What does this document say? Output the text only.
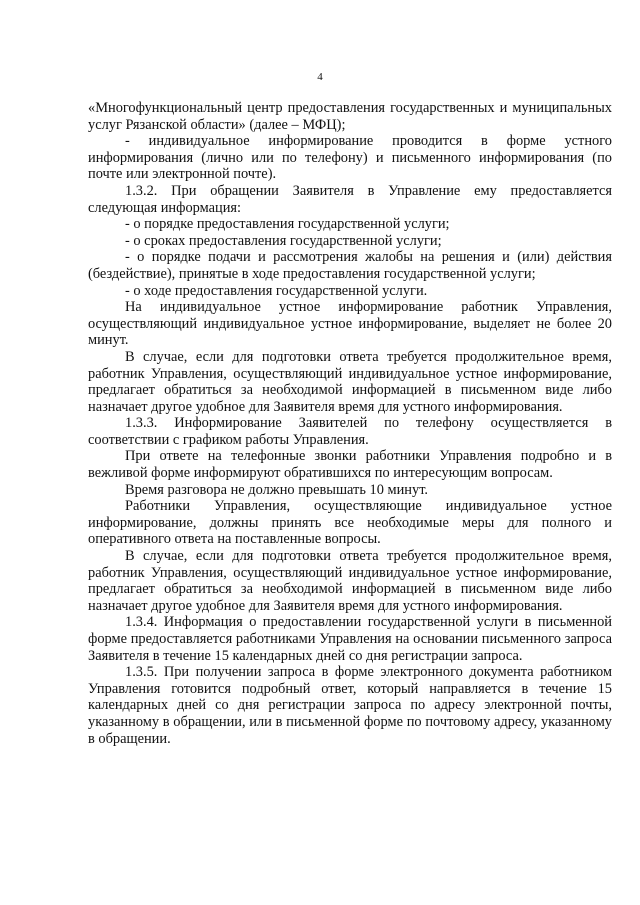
4

«Многофункциональный центр предоставления государственных и муниципальных услуг Рязанской области» (далее – МФЦ);

- индивидуальное информирование проводится в форме устного информирования (лично или по телефону) и письменного информирования (по почте или электронной почте).

1.3.2. При обращении Заявителя в Управление ему предоставляется следующая информация:

- о порядке предоставления государственной услуги;

- о сроках предоставления государственной услуги;

- о порядке подачи и рассмотрения жалобы на решения и (или) действия (бездействие), принятые в ходе предоставления государственной услуги;

- о ходе предоставления государственной услуги.

На индивидуальное устное информирование работник Управления, осуществляющий индивидуальное устное информирование, выделяет не более 20 минут.

В случае, если для подготовки ответа требуется продолжительное время, работник Управления, осуществляющий индивидуальное устное информирование, предлагает обратиться за необходимой информацией в письменном виде либо назначает другое удобное для Заявителя время для устного информирования.

1.3.3. Информирование Заявителей по телефону осуществляется в соответствии с графиком работы Управления.

При ответе на телефонные звонки работники Управления подробно и в вежливой форме информируют обратившихся по интересующим вопросам.

Время разговора не должно превышать 10 минут.

Работники Управления, осуществляющие индивидуальное устное информирование, должны принять все необходимые меры для полного и оперативного ответа на поставленные вопросы.

В случае, если для подготовки ответа требуется продолжительное время, работник Управления, осуществляющий индивидуальное устное информирование, предлагает обратиться за необходимой информацией в письменном виде либо назначает другое удобное для Заявителя время для устного информирования.

1.3.4. Информация о предоставлении государственной услуги в письменной форме предоставляется работниками Управления на основании письменного запроса Заявителя в течение 15 календарных дней со дня регистрации запроса.

1.3.5. При получении запроса в форме электронного документа работником Управления готовится подробный ответ, который направляется в течение 15 календарных дней со дня регистрации запроса по адресу электронной почты, указанному в обращении, или в письменной форме по почтовому адресу, указанному в обращении.
